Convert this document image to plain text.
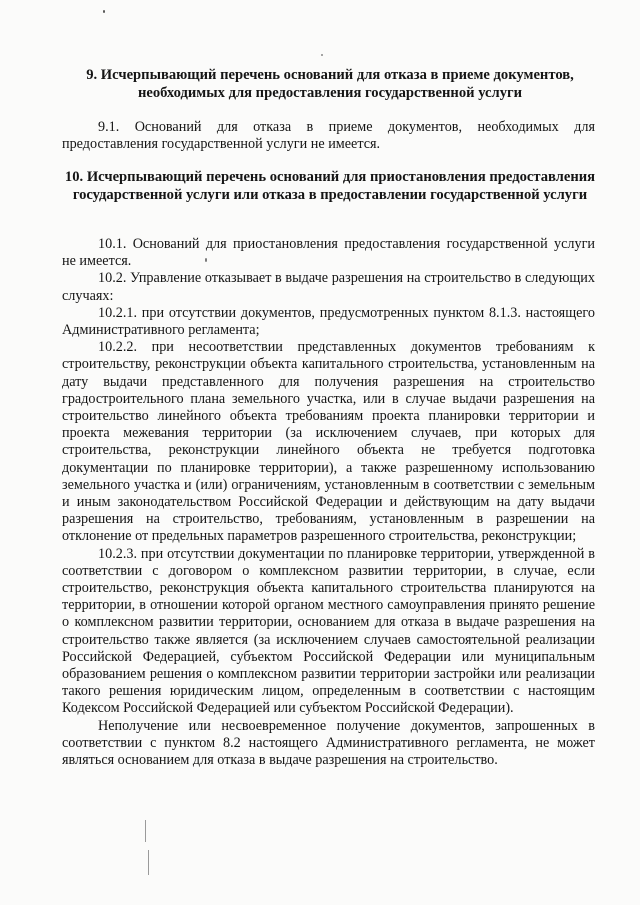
9. Исчерпывающий перечень оснований для отказа в приеме документов, необходимых для предоставления государственной услуги

9.1. Оснований для отказа в приеме документов, необходимых для предоставления государственной услуги не имеется.

10. Исчерпывающий перечень оснований для приостановления предоставления государственной услуги или отказа в предоставлении государственной услуги

10.1. Оснований для приостановления предоставления государственной услуги не имеется.

10.2. Управление отказывает в выдаче разрешения на строительство в следующих случаях:

10.2.1. при отсутствии документов, предусмотренных пунктом 8.1.3. настоящего Административного регламента;

10.2.2. при несоответствии представленных документов требованиям к строительству, реконструкции объекта капитального строительства, установленным на дату выдачи представленного для получения разрешения на строительство градостроительного плана земельного участка, или в случае выдачи разрешения на строительство линейного объекта требованиям проекта планировки территории и проекта межевания территории (за исключением случаев, при которых для строительства, реконструкции линейного объекта не требуется подготовка документации по планировке территории), а также разрешенному использованию земельного участка и (или) ограничениям, установленным в соответствии с земельным и иным законодательством Российской Федерации и действующим на дату выдачи разрешения на строительство, требованиям, установленным в разрешении на отклонение от предельных параметров разрешенного строительства, реконструкции;

10.2.3. при отсутствии документации по планировке территории, утвержденной в соответствии с договором о комплексном развитии территории, в случае, если строительство, реконструкция объекта капитального строительства планируются на территории, в отношении которой органом местного самоуправления принято решение о комплексном развитии территории, основанием для отказа в выдаче разрешения на строительство также является (за исключением случаев самостоятельной реализации Российской Федерацией, субъектом Российской Федерации или муниципальным образованием решения о комплексном развитии территории застройки или реализации такого решения юридическим лицом, определенным в соответствии с настоящим Кодексом Российской Федерацией или субъектом Российской Федерации).

Неполучение или несвоевременное получение документов, запрошенных в соответствии с пунктом 8.2 настоящего Административного регламента, не может являться основанием для отказа в выдаче разрешения на строительство.
